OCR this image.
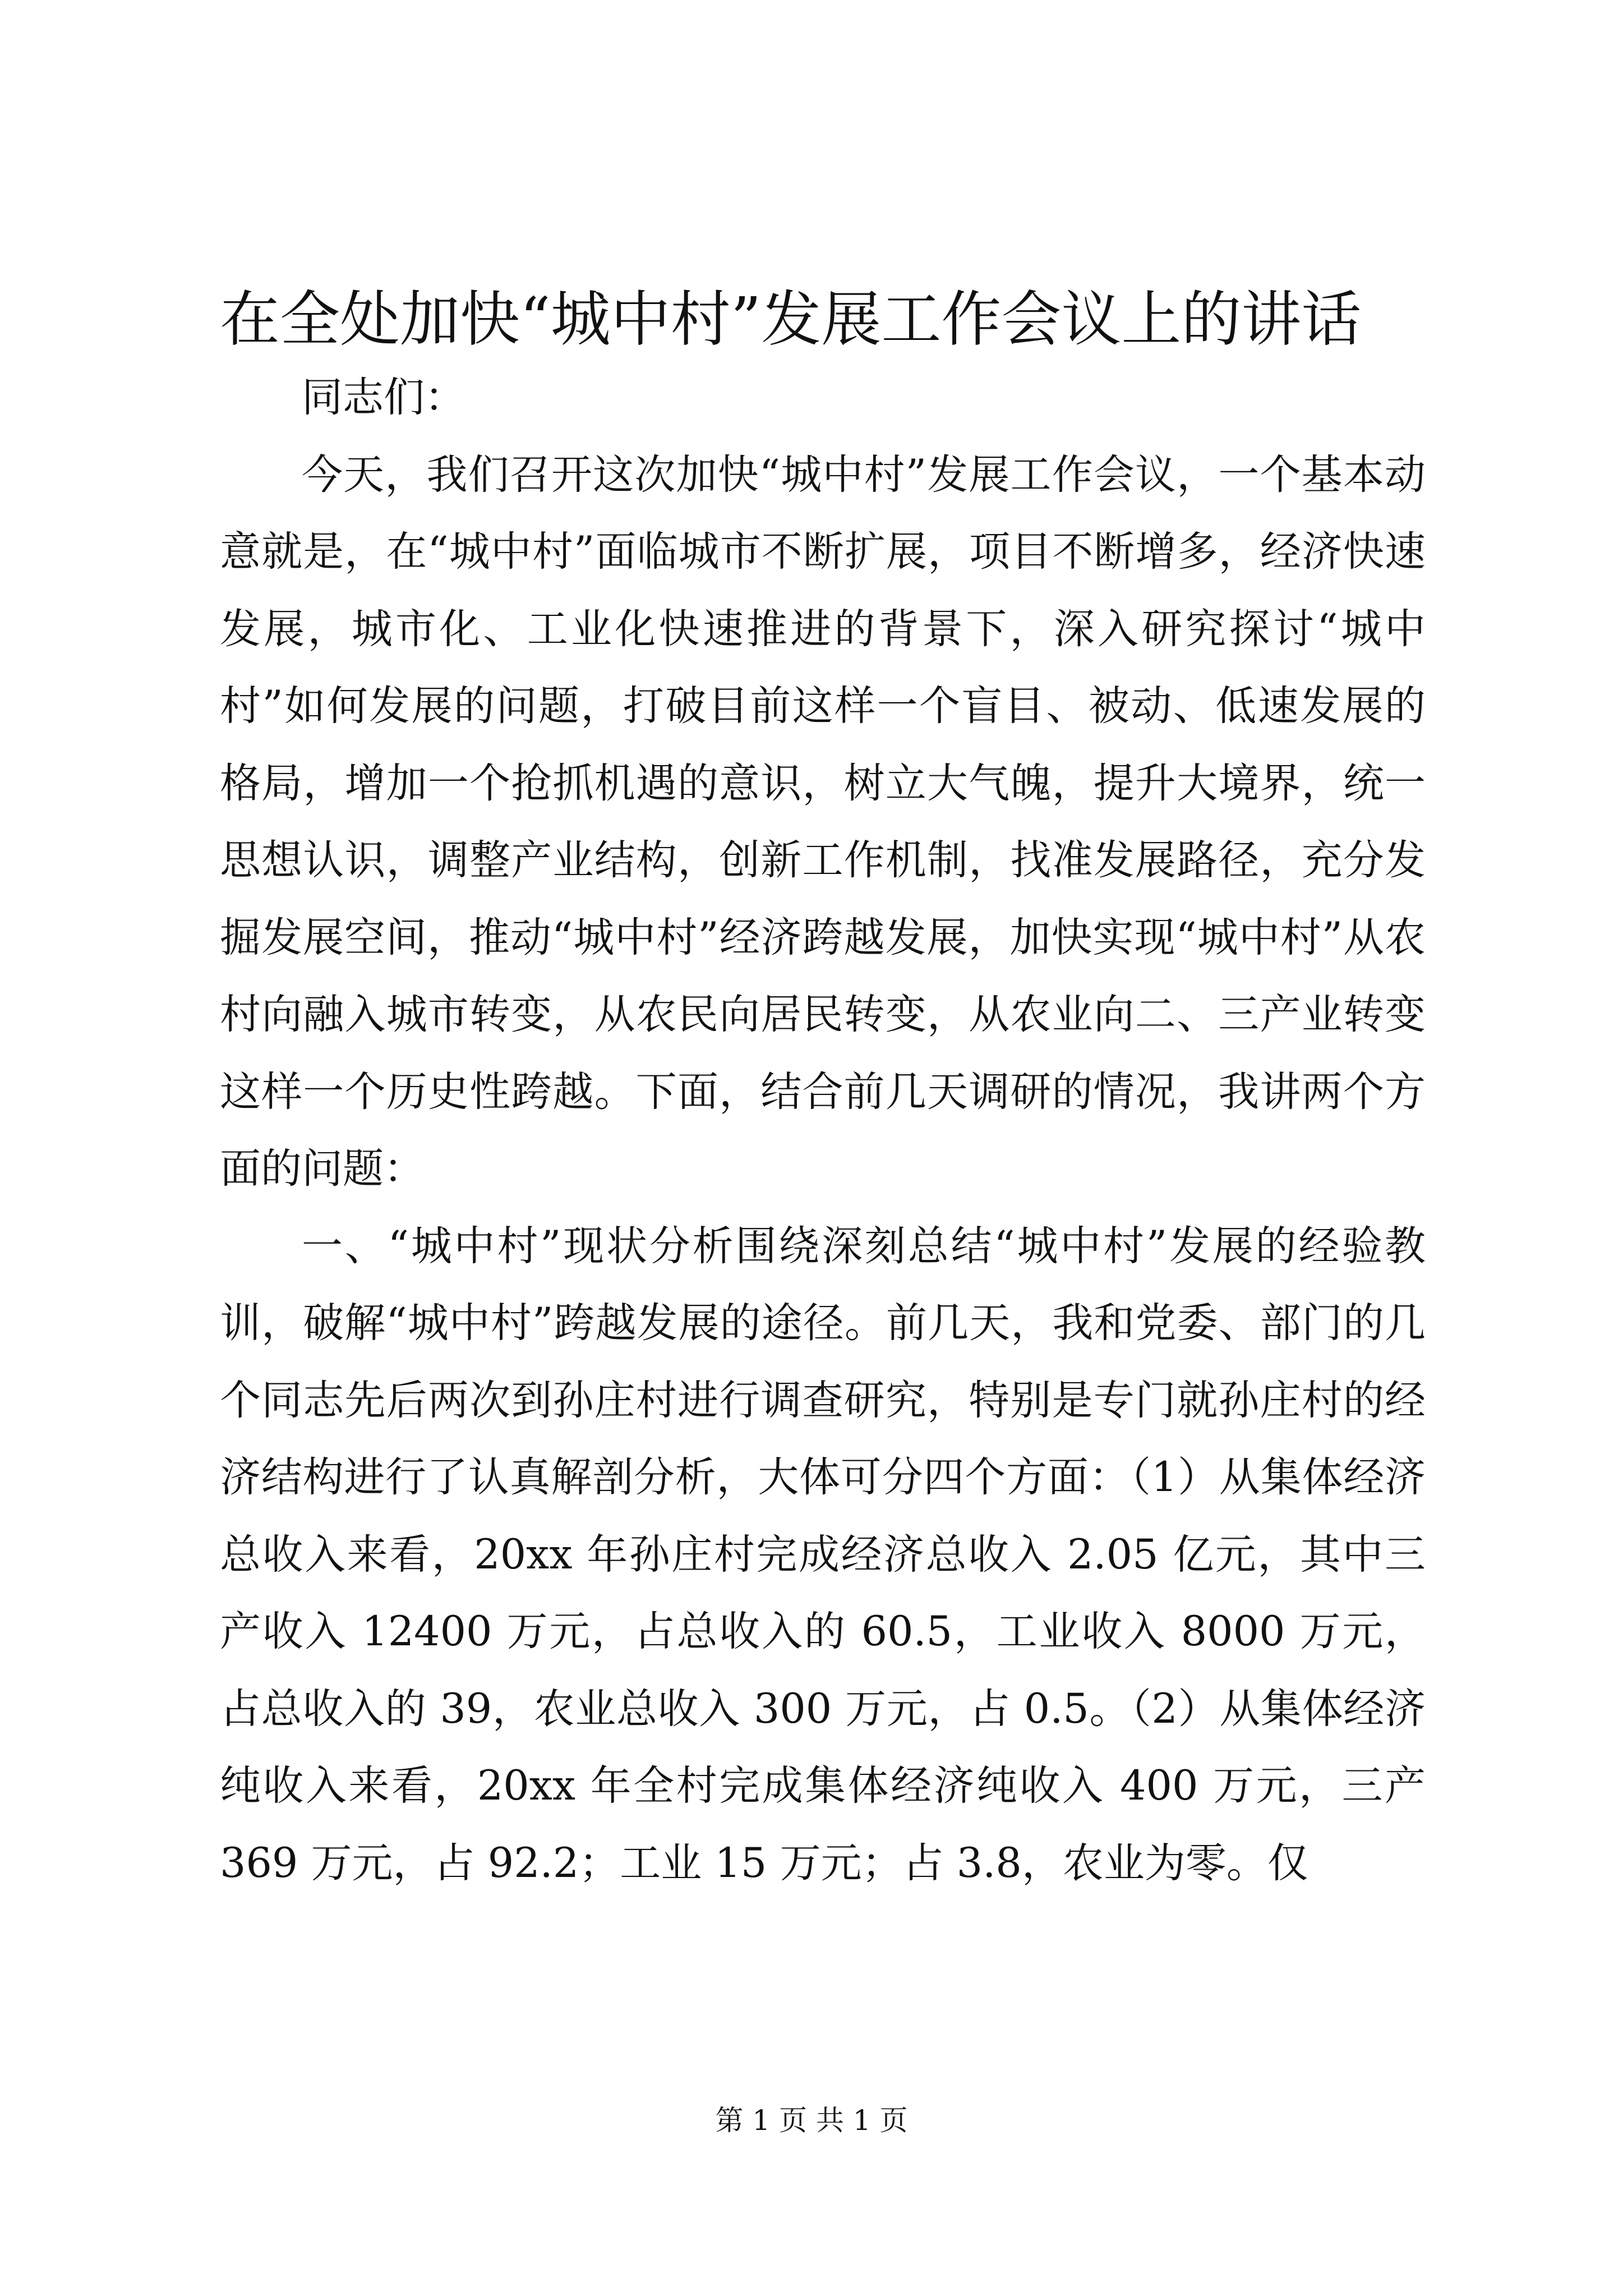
在全处加快“城中村”发展工作会议上的讲话

同志们：

今天，我们召开这次加快“城中村”发展工作会议，一个基本动意就是，在“城中村”面临城市不断扩展，项目不断增多，经济快速发展，城市化、工业化快速推进的背景下，深入研究探讨“城中村”如何发展的问题，打破目前这样一个盲目、被动、低速发展的格局，增加一个抢抓机遇的意识，树立大气魄，提升大境界，统一思想认识，调整产业结构，创新工作机制，找准发展路径，充分发掘发展空间，推动“城中村”经济跨越发展，加快实现“城中村”从农村向融入城市转变，从农民向居民转变，从农业向二、三产业转变这样一个历史性跨越。下面，结合前几天调研的情况，我讲两个方面的问题：

一、“城中村”现状分析围绕深刻总结“城中村”发展的经验教训，破解“城中村”跨越发展的途径。前几天，我和党委、部门的几个同志先后两次到孙庄村进行调查研究，特别是专门就孙庄村的经济结构进行了认真解剖分析，大体可分四个方面：（1）从集体经济总收入来看，20xx 年孙庄村完成经济总收入 2.05 亿元，其中三产收入 12400 万元，占总收入的 60.5，工业收入 8000 万元，占总收入的 39，农业总收入 300 万元，占 0.5。（2）从集体经济纯收入来看，20xx 年全村完成集体经济纯收入 400 万元，三产 369 万元，占 92.2；工业 15 万元；占 3.8，农业为零。仅

第 1 页 共 1 页
